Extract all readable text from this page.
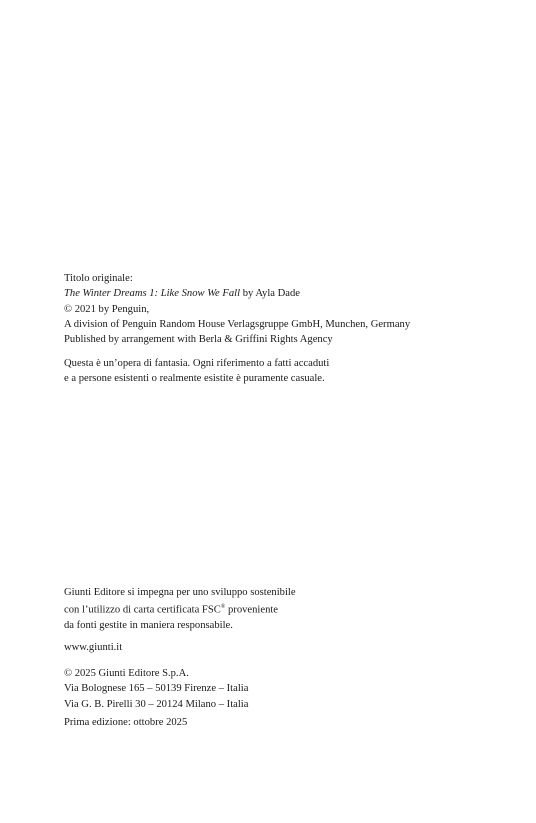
Titolo originale:
The Winter Dreams 1: Like Snow We Fall by Ayla Dade
© 2021 by Penguin,
A division of Penguin Random House Verlagsgruppe GmbH, Munchen, Germany
Published by arrangement with Berla & Griffini Rights Agency
Questa è un’opera di fantasia. Ogni riferimento a fatti accaduti
e a persone esistenti o realmente esistite è puramente casuale.
Giunti Editore si impegna per uno sviluppo sostenibile
con l’utilizzo di carta certificata FSC® proveniente
da fonti gestite in maniera responsabile.
www.giunti.it
© 2025 Giunti Editore S.p.A.
Via Bolognese 165 – 50139 Firenze – Italia
Via G. B. Pirelli 30 – 20124 Milano – Italia
Prima edizione: ottobre 2025
